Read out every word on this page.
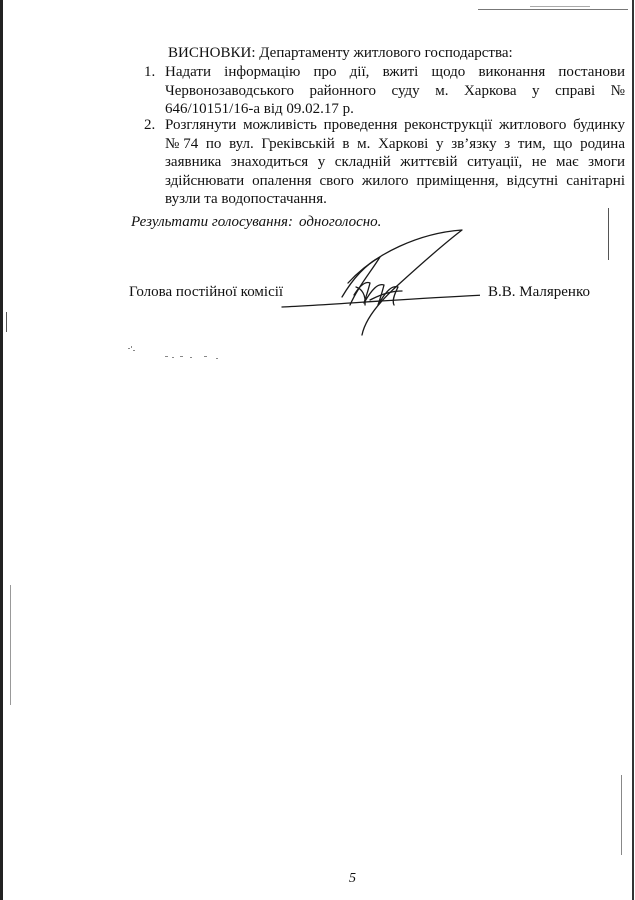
ВИСНОВКИ: Департаменту житлового господарства:
1. Надати інформацію про дії, вжиті щодо виконання постанови Червонозаводського районного суду м. Харкова у справі № 646/10151/16-а від 09.02.17 р.
2. Розглянути можливість проведення реконструкції житлового будинку №74 по вул. Греківській в м. Харкові у зв’язку з тим, що родина заявника знаходиться у складній життєвій ситуації, не має змоги здійснювати опалення свого жилого приміщення, відсутні санітарні вузли та водопостачання.
Результати голосування: одноголосно.
Голова постійної комісії	В.В. Маляренко
5
